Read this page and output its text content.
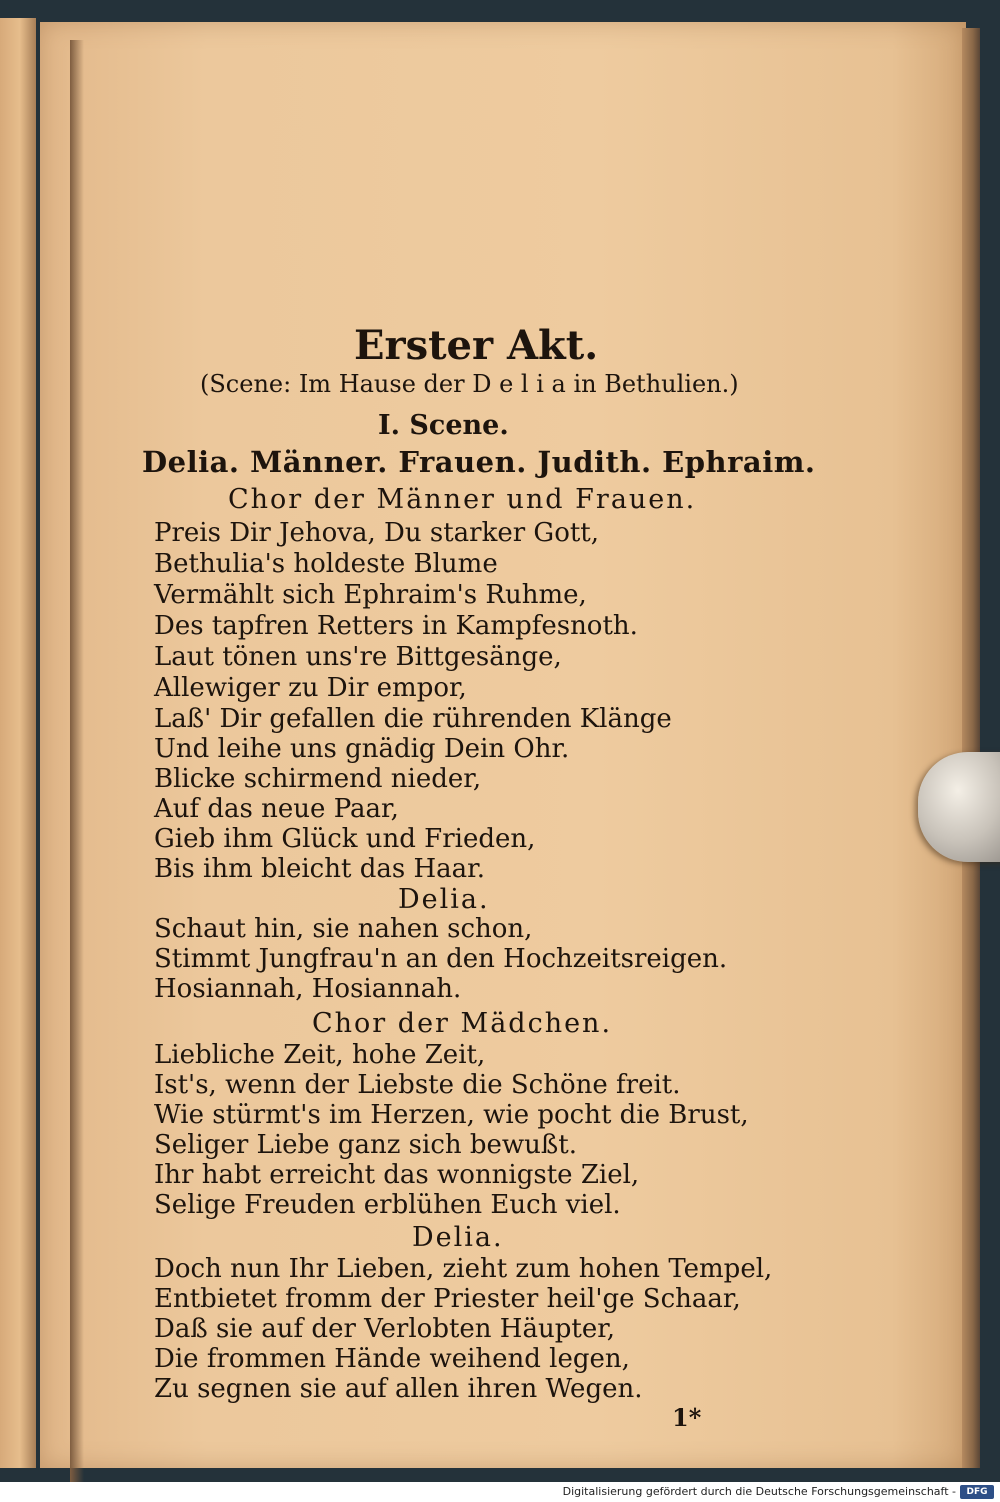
Erster Akt.
(Scene: Im Hause der D e l i a in Bethulien.)
I. Scene.
Delia. Männer. Frauen. Judith. Ephraim.
Chor der Männer und Frauen.
Preis Dir Jehova, Du starker Gott,
Bethulia's holdeste Blume
Vermählt sich Ephraim's Ruhme,
Des tapfren Retters in Kampfesnoth.
Laut tönen uns're Bittgesänge,
Allewiger zu Dir empor,
Laß' Dir gefallen die rührenden Klänge
Und leihe uns gnädig Dein Ohr.
Blicke schirmend nieder,
Auf das neue Paar,
Gieb ihm Glück und Frieden,
Bis ihm bleicht das Haar.
Delia.
Schaut hin, sie nahen schon,
Stimmt Jungfrau'n an den Hochzeitsreigen.
Hosiannah, Hosiannah.
Chor der Mädchen.
Liebliche Zeit, hohe Zeit,
Ist's, wenn der Liebste die Schöne freit.
Wie stürmt's im Herzen, wie pocht die Brust,
Seliger Liebe ganz sich bewußt.
Ihr habt erreicht das wonnigste Ziel,
Selige Freuden erblühen Euch viel.
Delia.
Doch nun Ihr Lieben, zieht zum hohen Tempel,
Entbietet fromm der Priester heil'ge Schaar,
Daß sie auf der Verlobten Häupter,
Die frommen Hände weihend legen,
Zu segnen sie auf allen ihren Wegen.
1*
Digitalisierung gefördert durch die Deutsche Forschungsgemeinschaft -	DFG
